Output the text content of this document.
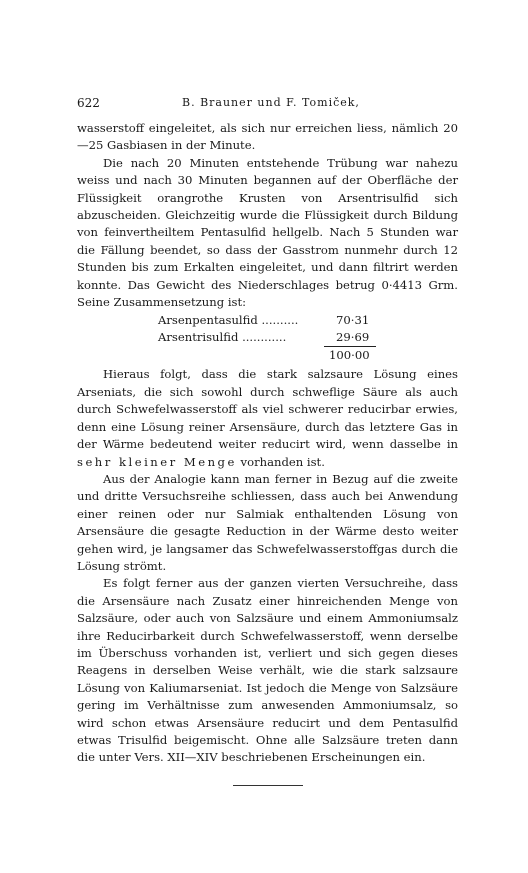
622	B. Brauner und F. Tomiček,

wasserstoff eingeleitet, als sich nur erreichen liess, nämlich 20—25 Gasbiasen in der Minute.

Die nach 20 Minuten entstehende Trübung war nahezu weiss und nach 30 Minuten begannen auf der Oberfläche der Flüssigkeit orangrothe Krusten von Arsentrisulfid sich abzuscheiden. Gleichzeitig wurde die Flüssigkeit durch Bildung von feinvertheiltem Pentasulfid hellgelb. Nach 5 Stunden war die Fällung beendet, so dass der Gasstrom nunmehr durch 12 Stunden bis zum Erkalten eingeleitet, und dann filtrirt werden konnte. Das Gewicht des Niederschlages betrug 0·4413 Grm. Seine Zusammensetzung ist:

Arsenpentasulfid ..........	70·31
Arsentrisulfid ............	29·69
100·00

Hieraus folgt, dass die stark salzsaure Lösung eines Arseniats, die sich sowohl durch schweflige Säure als auch durch Schwefelwasserstoff als viel schwerer reducirbar erwies, denn eine Lösung reiner Arsensäure, durch das letztere Gas in der Wärme bedeutend weiter reducirt wird, wenn dasselbe in sehr kleiner Menge vorhanden ist.

Aus der Analogie kann man ferner in Bezug auf die zweite und dritte Versuchsreihe schliessen, dass auch bei Anwendung einer reinen oder nur Salmiak enthaltenden Lösung von Arsensäure die gesagte Reduction in der Wärme desto weiter gehen wird, je langsamer das Schwefelwasserstoffgas durch die Lösung strömt.

Es folgt ferner aus der ganzen vierten Versuchreihe, dass die Arsensäure nach Zusatz einer hinreichenden Menge von Salzsäure, oder auch von Salzsäure und einem Ammoniumsalz ihre Reducirbarkeit durch Schwefelwasserstoff, wenn derselbe im Überschuss vorhanden ist, verliert und sich gegen dieses Reagens in derselben Weise verhält, wie die stark salzsaure Lösung von Kaliumarseniat. Ist jedoch die Menge von Salzsäure gering im Verhältnisse zum anwesenden Ammoniumsalz, so wird schon etwas Arsensäure reducirt und dem Pentasulfid etwas Trisulfid beigemischt. Ohne alle Salzsäure treten dann die unter Vers. XII—XIV beschriebenen Erscheinungen ein.
